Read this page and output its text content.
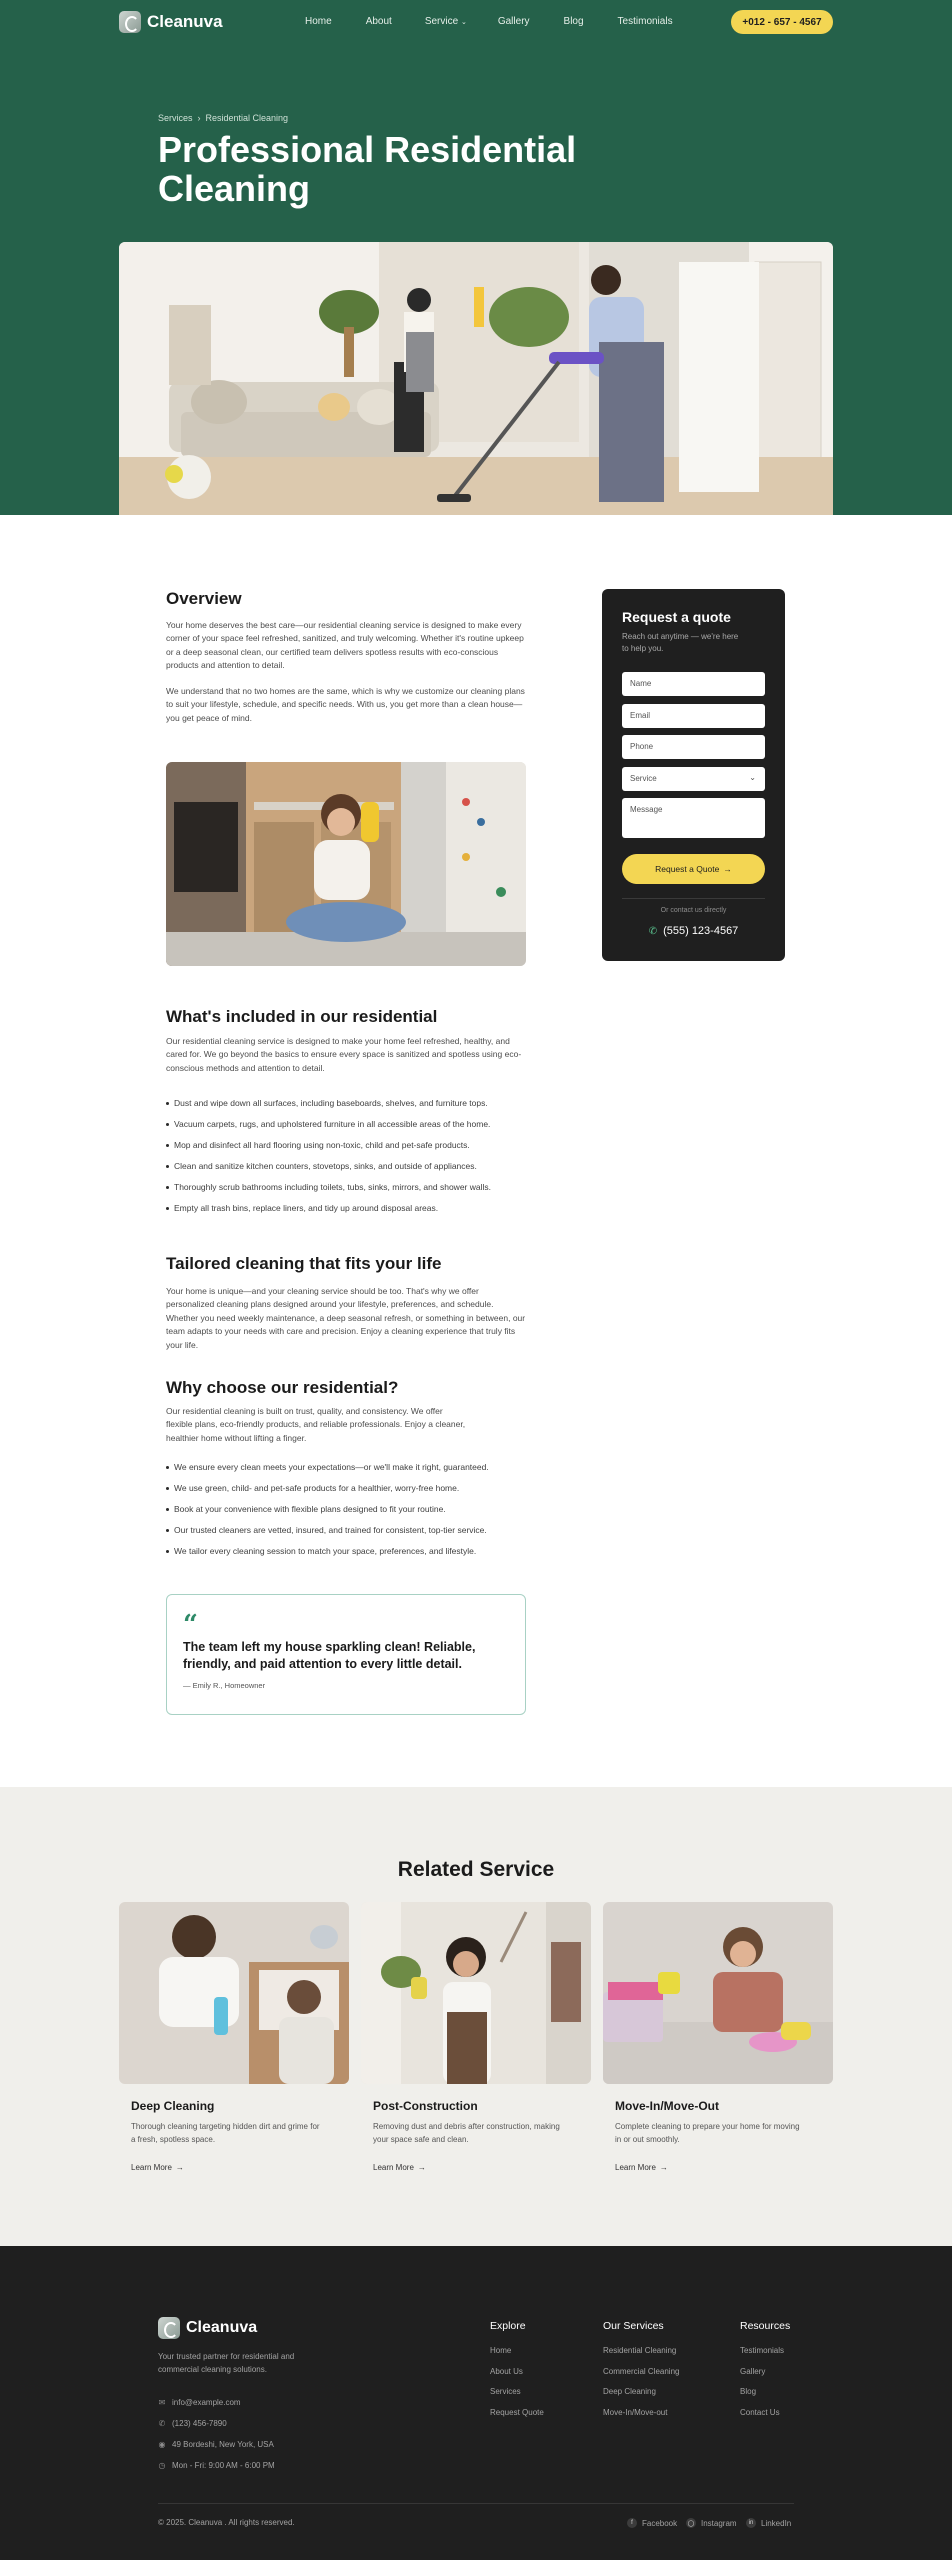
Cleanuva	Home	About	Service ⌄	Gallery	Blog	Testimonials	+012 - 657 - 4567
Services › Residential Cleaning
Professional Residential Cleaning
Overview

Your home deserves the best care—our residential cleaning service is designed to make every corner of your space feel refreshed, sanitized, and truly welcoming. Whether it's routine upkeep or a deep seasonal clean, our certified team delivers spotless results with eco-conscious products and attention to detail.

We understand that no two homes are the same, which is why we customize our cleaning plans to suit your lifestyle, schedule, and specific needs. With us, you get more than a clean house—you get peace of mind.

What's included in our residential

Our residential cleaning service is designed to make your home feel refreshed, healthy, and cared for. We go beyond the basics to ensure every space is sanitized and spotless using eco-conscious methods and attention to detail.

Dust and wipe down all surfaces, including baseboards, shelves, and furniture tops.
Vacuum carpets, rugs, and upholstered furniture in all accessible areas of the home.
Mop and disinfect all hard flooring using non-toxic, child and pet-safe products.
Clean and sanitize kitchen counters, stovetops, sinks, and outside of appliances.
Thoroughly scrub bathrooms including toilets, tubs, sinks, mirrors, and shower walls.
Empty all trash bins, replace liners, and tidy up around disposal areas.
Tailored cleaning that fits your life

Your home is unique—and your cleaning service should be too. That's why we offer personalized cleaning plans designed around your lifestyle, preferences, and schedule. Whether you need weekly maintenance, a deep seasonal refresh, or something in between, our team adapts to your needs with care and precision. Enjoy a cleaning experience that truly fits your life.

Why choose our residential?

Our residential cleaning is built on trust, quality, and consistency. We offer flexible plans, eco-friendly products, and reliable professionals. Enjoy a cleaner, healthier home without lifting a finger.

We ensure every clean meets your expectations—or we'll make it right, guaranteed.
We use green, child- and pet-safe products for a healthier, worry-free home.
Book at your convenience with flexible plans designed to fit your routine.
Our trusted cleaners are vetted, insured, and trained for consistent, top-tier service.
We tailor every cleaning session to match your space, preferences, and lifestyle.
“
The team left my house sparkling clean! Reliable, friendly, and paid attention to every little detail.
— Emily R., Homeowner
Request a quote
Reach out anytime — we're here to help you.
Name
Email
Phone
Service	⌄
Message
Request a Quote →
Or contact us directly
✆ (555) 123-4567
Related Service
Deep Cleaning
Thorough cleaning targeting hidden dirt and grime for a fresh, spotless space.
Learn More →
Post-Construction
Removing dust and debris after construction, making your space safe and clean.
Learn More →
Move-In/Move-Out
Complete cleaning to prepare your home for moving in or out smoothly.
Learn More →
Cleanuva
Your trusted partner for residential and commercial cleaning solutions.
✉ info@example.com
✆ (123) 456-7890
◉ 49 Bordeshi, New York, USA
◷ Mon - Fri: 9:00 AM - 6:00 PM
Explore
Home
About Us
Services
Request Quote
Our Services
Residential Cleaning
Commercial Cleaning
Deep Cleaning
Move-In/Move-out
Resources
Testimonials
Gallery
Blog
Contact Us
© 2025. Cleanuva . All rights reserved.	f	Facebook ◯ Instagram	in LinkedIn
